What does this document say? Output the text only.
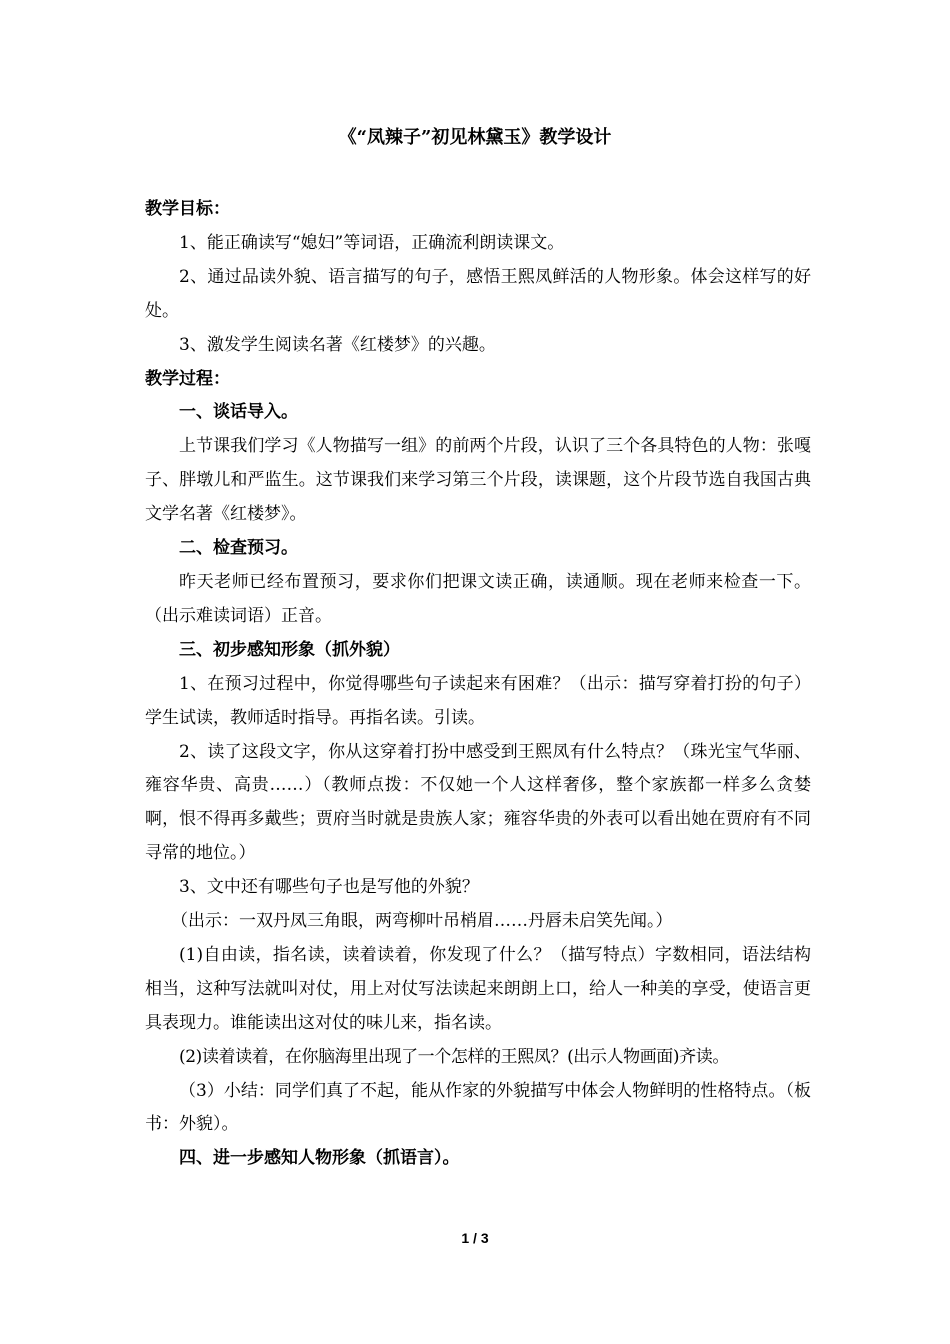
《“凤辣子”初见林黛玉》教学设计

教学目标：

1、能正确读写“媳妇”等词语，正确流利朗读课文。

2、通过品读外貌、语言描写的句子，感悟王熙凤鲜活的人物形象。体会这样写的好处。

3、激发学生阅读名著《红楼梦》的兴趣。

教学过程：

一、谈话导入。

上节课我们学习《人物描写一组》的前两个片段，认识了三个各具特色的人物：张嘎子、胖墩儿和严监生。这节课我们来学习第三个片段，读课题，这个片段节选自我国古典文学名著《红楼梦》。

二、检查预习。

昨天老师已经布置预习，要求你们把课文读正确，读通顺。现在老师来检查一下。（出示难读词语）正音。

三、初步感知形象（抓外貌）

1、在预习过程中，你觉得哪些句子读起来有困难？（出示：描写穿着打扮的句子）学生试读，教师适时指导。再指名读。引读。

2、读了这段文字，你从这穿着打扮中感受到王熙凤有什么特点？（珠光宝气华丽、雍容华贵、高贵……）（教师点拨：不仅她一个人这样奢侈，整个家族都一样多么贪婪啊，恨不得再多戴些；贾府当时就是贵族人家；雍容华贵的外表可以看出她在贾府有不同寻常的地位。）

3、文中还有哪些句子也是写他的外貌？

（出示：一双丹凤三角眼，两弯柳叶吊梢眉……丹唇未启笑先闻。）

(1)自由读，指名读，读着读着，你发现了什么？（描写特点）字数相同，语法结构相当，这种写法就叫对仗，用上对仗写法读起来朗朗上口，给人一种美的享受，使语言更具表现力。谁能读出这对仗的味儿来，指名读。

(2)读着读着，在你脑海里出现了一个怎样的王熙凤？(出示人物画面)齐读。

（3）小结：同学们真了不起，能从作家的外貌描写中体会人物鲜明的性格特点。（板书：外貌）。

四、进一步感知人物形象（抓语言）。

1 / 3
